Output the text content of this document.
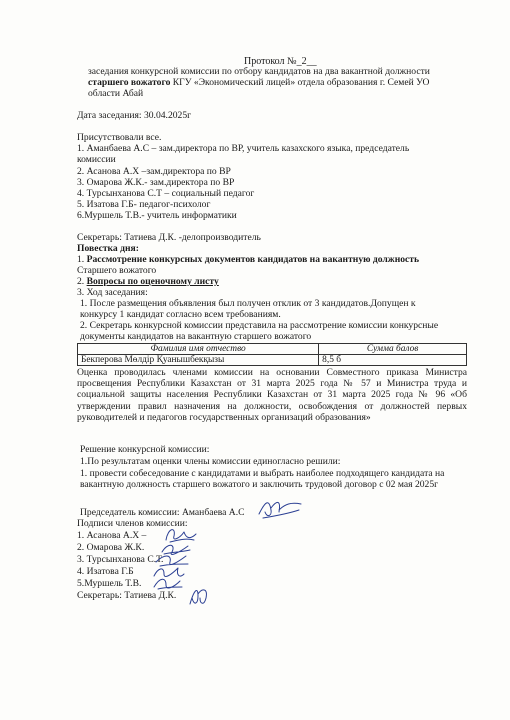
Протокол №_2__
заседания конкурсной комиссии по отбору кандидатов на два вакантной должности
старшего вожатого КГУ «Экономический лицей» отдела образования г. Семей УО
области Абай
Дата заседания: 30.04.2025г
Присутствовали все.
1. Аманбаева А.С – зам.директора по ВР, учитель казахского языка, председатель
комиссии
2. Асанова А.Х –зам.директора по ВР
3. Омарова Ж.К.- зам.директора по ВР
4. Турсынханова С.Т – социальный педагог
5. Изатова Г.Б- педагог-психолог
6.Муршель Т.В.- учитель информатики
Секретарь: Татиева Д.К. -делопроизводитель
Повестка дня:
1. Рассмотрение конкурсных документов кандидатов на вакантную должность
Старшего вожатого
2. Вопросы по оценочному листу
3. Ход заседания:
1. После размещения объявления был получен отклик от 3 кандидатов.Допущен к
конкурсу 1 кандидат согласно всем требованиям.
2. Секретарь конкурсной комиссии представила на рассмотрение комиссии конкурсные
документы кандидатов на вакантную старшего вожатого
Фамилия имя отчество	Сумма балов
Бекперова Мөлдір Қуанышбекқызы	8,5 б
Оценка проводилась членами комиссии на основании Совместного приказа Министра просвещения Республики Казахстан от 31 марта 2025 года № 57 и Министра труда и социальной защиты населения Республики Казахстан от 31 марта 2025 года № 96 «Об утверждении правил назначения на должности, освобождения от должностей первых руководителей и педагогов государственных организаций образования»
Решение конкурсной комиссии:
1.По результатам оценки члены комиссии единогласно решили:
1. провести собеседование с кандидатами и выбрать наиболее подходящего кандидата на
вакантную должность старшего вожатого и заключить трудовой договор с 02 мая 2025г
Председатель комиссии: Аманбаева А.С
Подписи членов комиссии:
1. Асанова А.Х –
2. Омарова Ж.К.
3. Турсынханова С.Т.
4. Изатова Г.Б
5.Муршель Т.В.
Секретарь: Татиева Д.К.
